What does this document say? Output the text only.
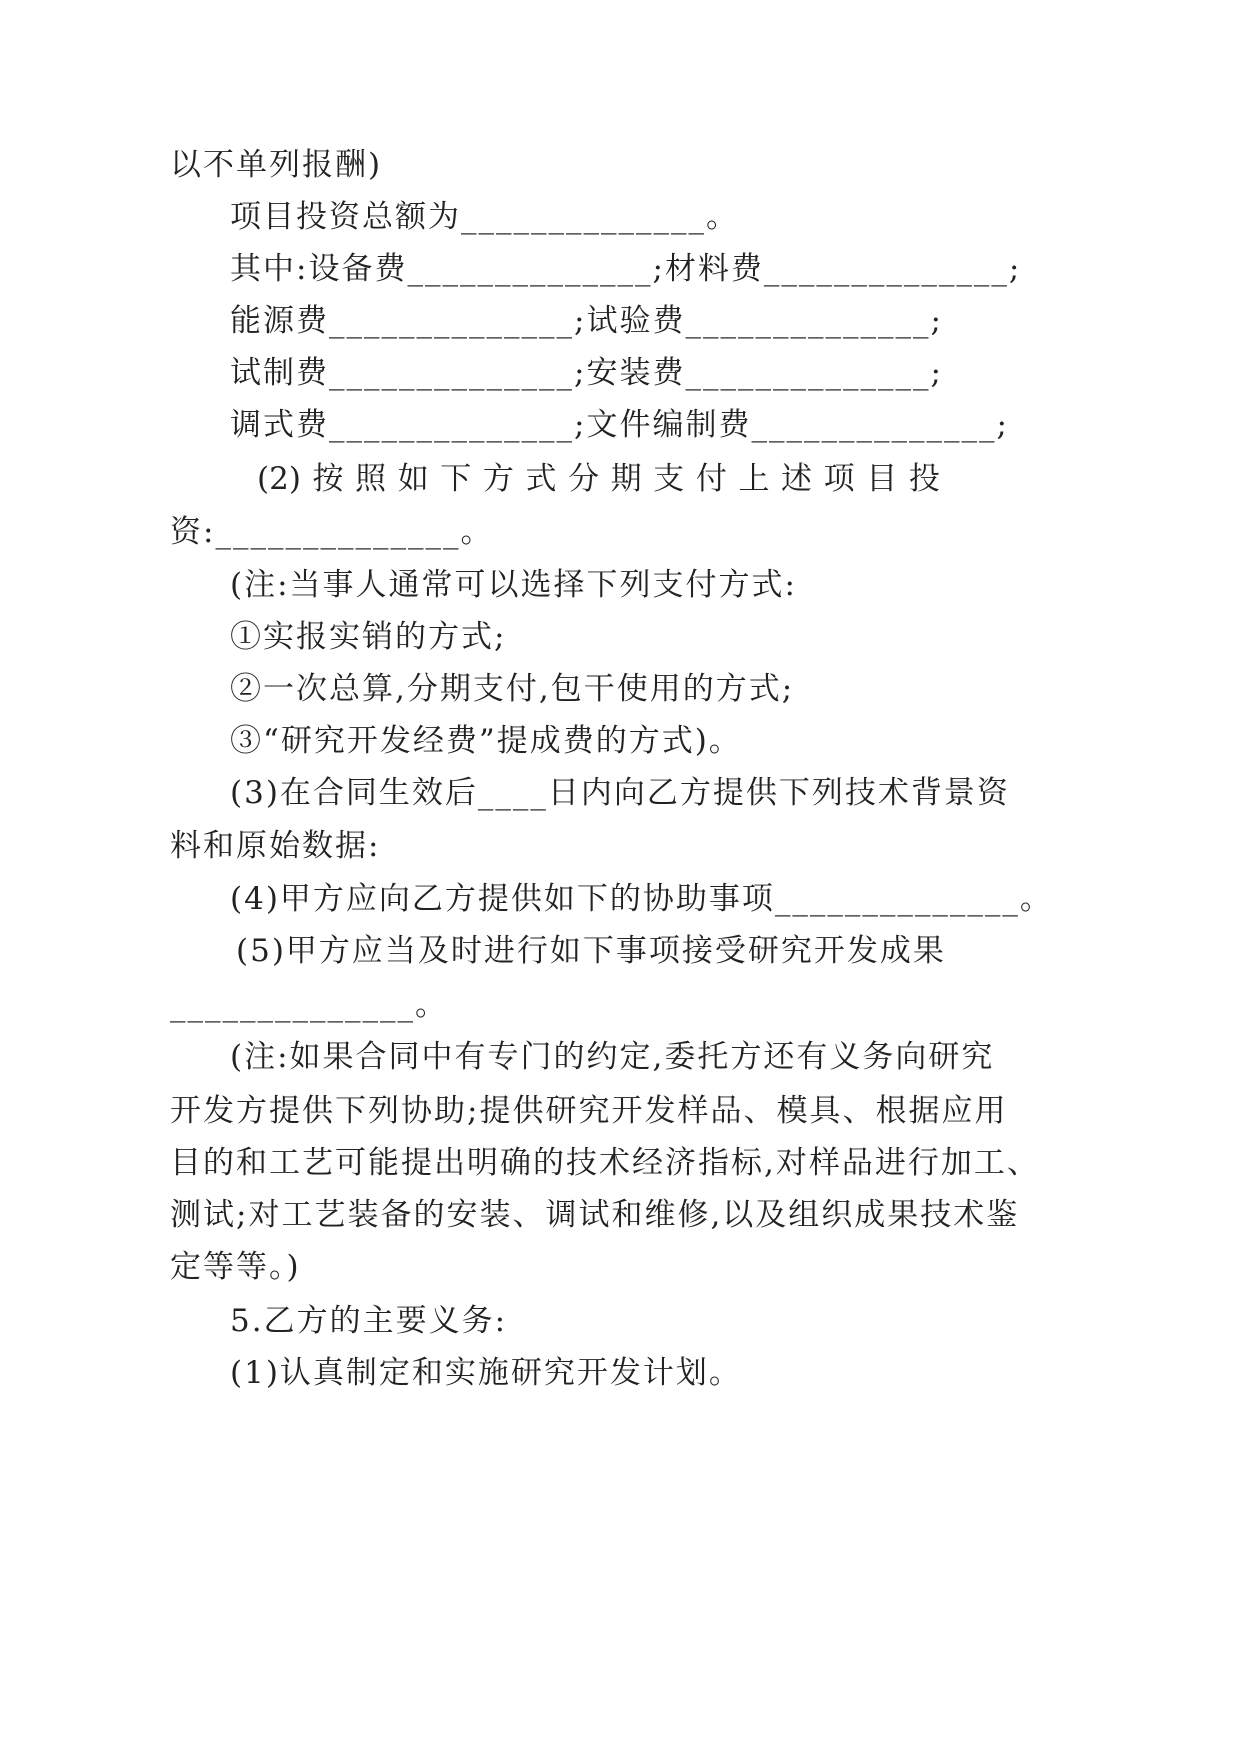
以不单列报酬)
项目投资总额为______________。
其中:设备费______________;材料费______________;
能源费______________;试验费______________;
试制费______________;安装费______________;
调式费______________;文件编制费______________;
(2) 按 照 如 下 方 式 分 期 支 付 上 述 项 目 投
资:______________。
(注:当事人通常可以选择下列支付方式:
①实报实销的方式;
②一次总算,分期支付,包干使用的方式;
③“研究开发经费”提成费的方式)。
(3)在合同生效后____日内向乙方提供下列技术背景资
料和原始数据:
(4)甲方应向乙方提供如下的协助事项______________。
(5)甲方应当及时进行如下事项接受研究开发成果
______________。
(注:如果合同中有专门的约定,委托方还有义务向研究
开发方提供下列协助;提供研究开发样品、模具、根据应用
目的和工艺可能提出明确的技术经济指标,对样品进行加工、
测试;对工艺装备的安装、调试和维修,以及组织成果技术鉴
定等等。)
5.乙方的主要义务:
(1)认真制定和实施研究开发计划。
